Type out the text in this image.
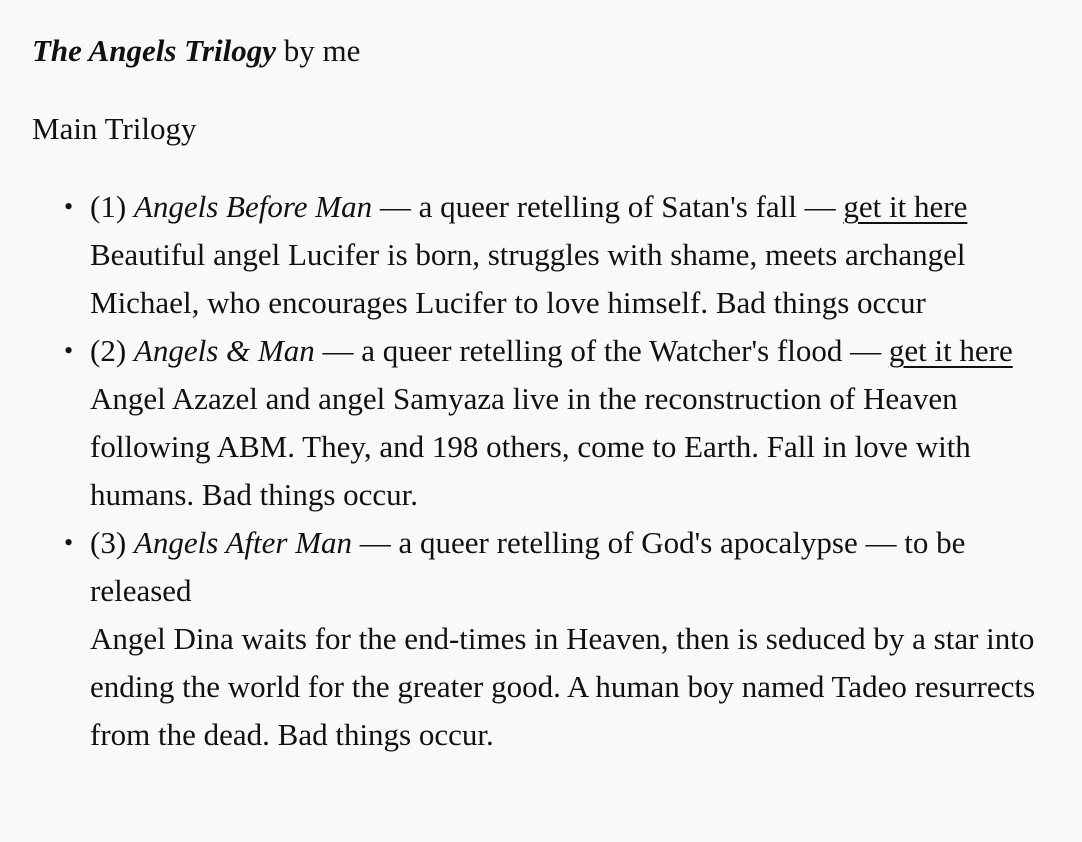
The Angels Trilogy by me

Main Trilogy

• (1) Angels Before Man — a queer retelling of Satan's fall — get it here
Beautiful angel Lucifer is born, struggles with shame, meets archangel Michael, who encourages Lucifer to love himself. Bad things occur
• (2) Angels & Man — a queer retelling of the Watcher's flood — get it here
Angel Azazel and angel Samyaza live in the reconstruction of Heaven following ABM. They, and 198 others, come to Earth. Fall in love with humans. Bad things occur.
• (3) Angels After Man — a queer retelling of God's apocalypse — to be released
Angel Dina waits for the end-times in Heaven, then is seduced by a star into ending the world for the greater good. A human boy named Tadeo resurrects from the dead. Bad things occur.
